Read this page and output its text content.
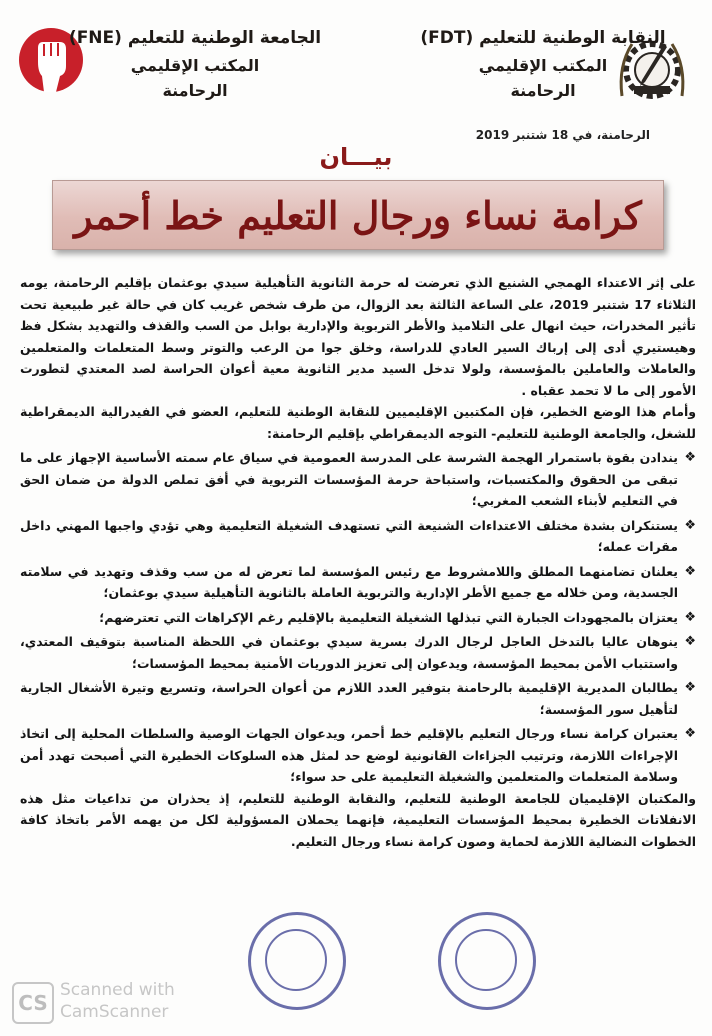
النقابة الوطنية للتعليم (FDT)
المكتب الإقليمي
الرحامنة
الجامعة الوطنية للتعليم (FNE)
المكتب الإقليمي
الرحامنة
الرحامنة، في 18 شتنبر 2019
بيـــان
كرامة نساء ورجال التعليم خط أحمر

على إثر الاعتداء الهمجي الشنيع الذي تعرضت له حرمة الثانوية التأهيلية سيدي بوعثمان بإقليم الرحامنة، يومه الثلاثاء 17 شتنبر 2019، على الساعة الثالثة بعد الزوال، من طرف شخص غريب كان في حالة غير طبيعية تحت تأثير المخدرات، حيث انهال على التلاميذ والأطر التربوية والإدارية بوابل من السب والقذف والتهديد بشكل فظ وهيستيري أدى إلى إرباك السير العادي للدراسة، وخلق جوا من الرعب والتوتر وسط المتعلمات والمتعلمين والعاملات والعاملين بالمؤسسة، ولولا تدخل السيد مدير الثانوية معية أعوان الحراسة لصد المعتدي لتطورت الأمور إلى ما لا تحمد عقباه .

وأمام هذا الوضع الخطير، فإن المكتبين الإقليميين للنقابة الوطنية للتعليم، العضو في الفيدرالية الديمقراطية للشغل، والجامعة الوطنية للتعليم- التوجه الديمقراطي بإقليم الرحامنة:

❖
يندادن بقوة باستمرار الهجمة الشرسة على المدرسة العمومية في سياق عام سمته الأساسية الإجهاز على ما تبقى من الحقوق والمكتسبات، واستباحة حرمة المؤسسات التربوية في أفق تملص الدولة من ضمان الحق في التعليم لأبناء الشعب المغربي؛
❖
يستنكران بشدة مختلف الاعتداءات الشنيعة التي تستهدف الشغيلة التعليمية وهي تؤدي واجبها المهني داخل مقرات عمله؛
❖
يعلنان تضامنهما المطلق واللامشروط مع رئيس المؤسسة لما تعرض له من سب وقذف وتهديد في سلامته الجسدية، ومن خلاله مع جميع الأطر الإدارية والتربوية العاملة بالثانوية التأهيلية سيدي بوعثمان؛
❖
يعتزان بالمجهودات الجبارة التي تبذلها الشغيلة التعليمية بالإقليم رغم الإكراهات التي تعترضهم؛
❖
ينوهان عاليا بالتدخل العاجل لرجال الدرك بسرية سيدي بوعثمان في اللحظة المناسبة بتوقيف المعتدي، واستتباب الأمن بمحيط المؤسسة، ويدعوان إلى تعزيز الدوريات الأمنية بمحيط المؤسسات؛
❖
يطالبان المديرية الإقليمية بالرحامنة بتوفير العدد اللازم من أعوان الحراسة، وتسريع وتيرة الأشغال الجارية لتأهيل سور المؤسسة؛
❖
يعتبران كرامة نساء ورجال التعليم بالإقليم خط أحمر، ويدعوان الجهات الوصية والسلطات المحلية إلى اتخاذ الإجراءات اللازمة، وترتيب الجزاءات القانونية لوضع حد لمثل هذه السلوكات الخطيرة التي أصبحت تهدد أمن وسلامة المتعلمات والمتعلمين والشغيلة التعليمية على حد سواء؛

والمكتبان الإقليميان للجامعة الوطنية للتعليم، والنقابة الوطنية للتعليم، إذ يحذران من تداعيات مثل هذه الانفلاتات الخطيرة بمحيط المؤسسات التعليمية، فإنهما يحملان المسؤولية لكل من يهمه الأمر باتخاذ كافة الخطوات النضالية اللازمة لحماية وصون كرامة نساء ورجال التعليم.

CS
Scanned with
CamScanner
